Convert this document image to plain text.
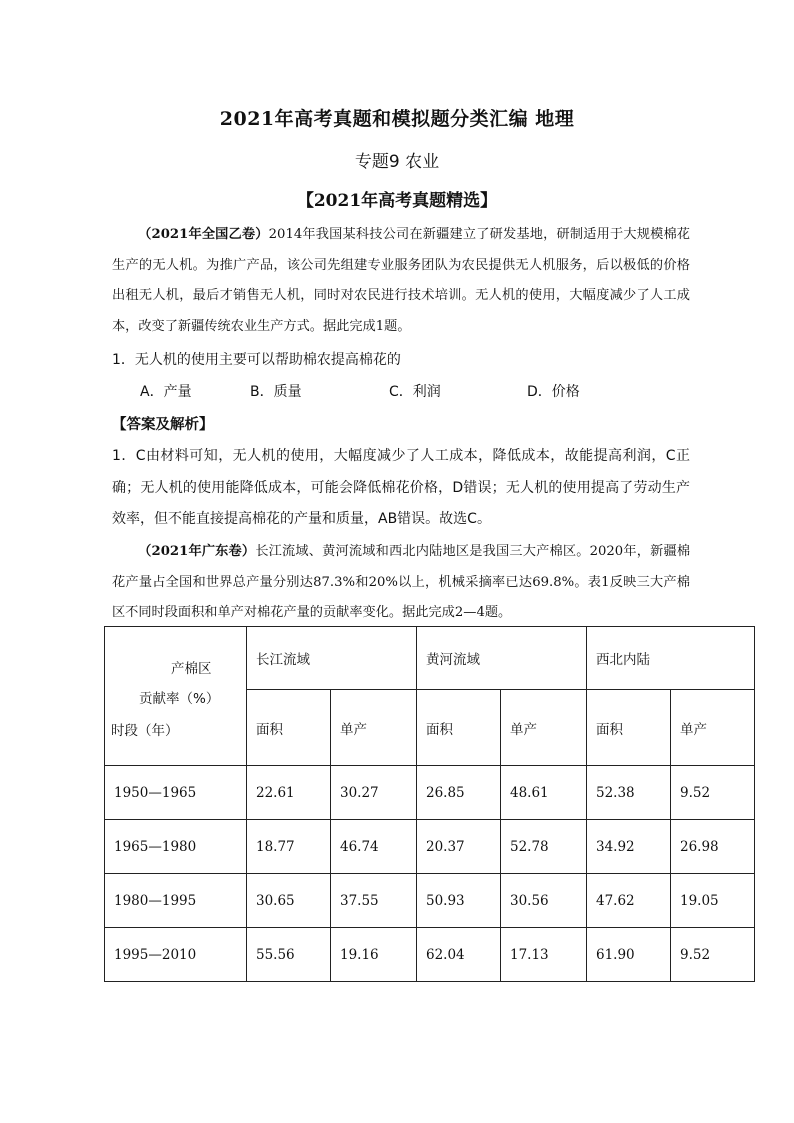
2021年高考真题和模拟题分类汇编 地理
专题9 农业
【2021年高考真题精选】
（2021年全国乙卷）2014年我国某科技公司在新疆建立了研发基地，研制适用于大规模棉花生产的无人机。为推广产品，该公司先组建专业服务团队为农民提供无人机服务，后以极低的价格出租无人机，最后才销售无人机，同时对农民进行技术培训。无人机的使用，大幅度减少了人工成本，改变了新疆传统农业生产方式。据此完成1题。
1．无人机的使用主要可以帮助棉农提高棉花的
A．产量	B．质量	C．利润	D．价格
【答案及解析】
1．C由材料可知，无人机的使用，大幅度减少了人工成本，降低成本，故能提高利润，C正确；无人机的使用能降低成本，可能会降低棉花价格，D错误；无人机的使用提高了劳动生产效率，但不能直接提高棉花的产量和质量，AB错误。故选C。
（2021年广东卷）长江流域、黄河流域和西北内陆地区是我国三大产棉区。2020年，新疆棉花产量占全国和世界总产量分别达87.3%和20%以上，机械采摘率已达69.8%。表1反映三大产棉区不同时段面积和单产对棉花产量的贡献率变化。据此完成2—4题。
产棉区
贡献率（%）
时段（年）	长江流域		黄河流域		西北内陆	
	面积	单产	面积	单产	面积	单产
1950—1965	22.61	30.27	26.85	48.61	52.38	9.52
1965—1980	18.77	46.74	20.37	52.78	34.92	26.98
1980—1995	30.65	37.55	50.93	30.56	47.62	19.05
1995—2010	55.56	19.16	62.04	17.13	61.90	9.52
